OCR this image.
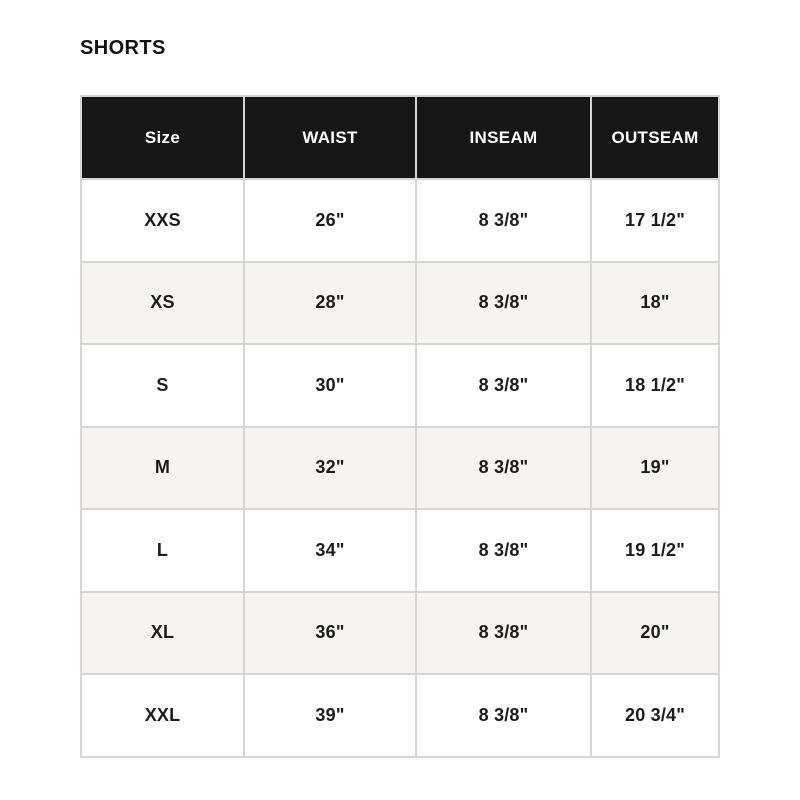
SHORTS
Size	WAIST	INSEAM	OUTSEAM
XXS	26"	8 3/8"	17 1/2"
XS	28"	8 3/8"	18"
S	30"	8 3/8"	18 1/2"
M	32"	8 3/8"	19"
L	34"	8 3/8"	19 1/2"
XL	36"	8 3/8"	20"
XXL	39"	8 3/8"	20 3/4"
